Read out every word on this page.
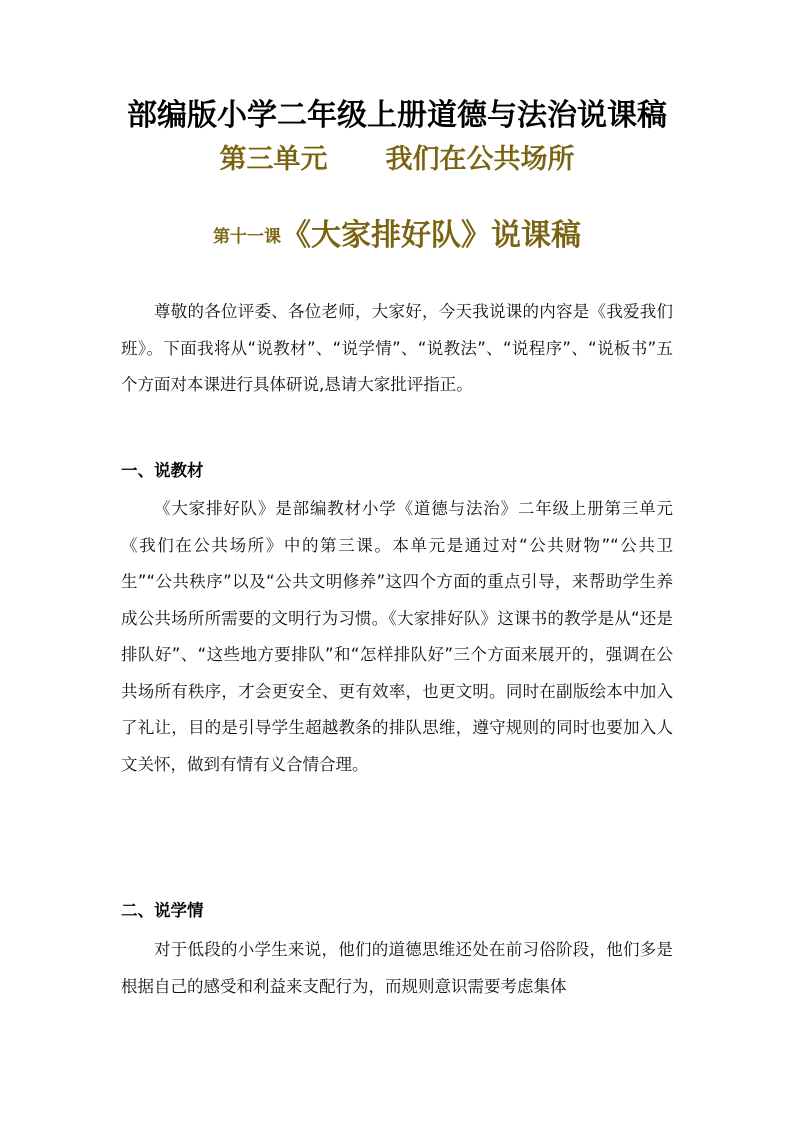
部编版小学二年级上册道德与法治说课稿
第三单元 我们在公共场所
第十一课《大家排好队》说课稿

尊敬的各位评委、各位老师，大家好，今天我说课的内容是《我爱我们班》。下面我将从“说教材”、“说学情”、“说教法”、“说程序”、“说板书”五个方面对本课进行具体研说,恳请大家批评指正。

一、说教材

《大家排好队》是部编教材小学《道德与法治》二年级上册第三单元《我们在公共场所》中的第三课。本单元是通过对“公共财物”“公共卫生”“公共秩序”以及“公共文明修养”这四个方面的重点引导，来帮助学生养成公共场所所需要的文明行为习惯。《大家排好队》这课书的教学是从“还是排队好”、“这些地方要排队”和“怎样排队好”三个方面来展开的，强调在公共场所有秩序，才会更安全、更有效率，也更文明。同时在副版绘本中加入了礼让，目的是引导学生超越教条的排队思维，遵守规则的同时也要加入人文关怀，做到有情有义合情合理。

二、说学情

对于低段的小学生来说，他们的道德思维还处在前习俗阶段，他们多是根据自己的感受和利益来支配行为，而规则意识需要考虑集体
